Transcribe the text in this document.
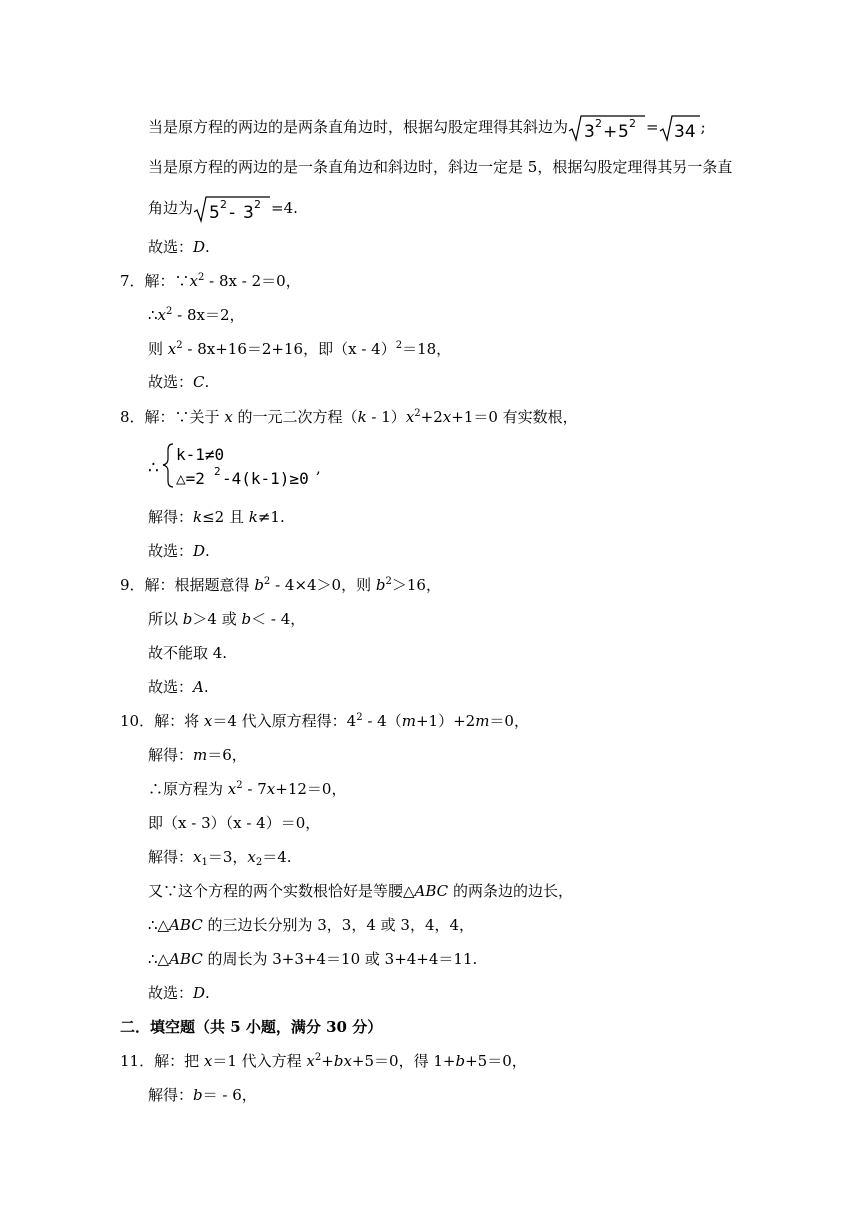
当是原方程的两边的是两条直角边时，根据勾股定理得其斜边为 3 2 + 5 2 = 34 ;
当是原方程的两边的是一条直角边和斜边时，斜边一定是 5，根据勾股定理得其另一条直
角边为 5 2 - 3 2 =4.
故选：D.
7．解：$\because x^2 - 8x - 2=0$，
$\therefore x^2 - 8x=2$，
则 $x^2 - 8x+16=2+16$，即（x - 4）$^2$＝18，
故选：C.
8．解：∵关于 x 的一元二次方程$(k - 1)x^2+2x+1=0$ 有实数根，
∴
k-1≠0
△=2 2 -4(k-1)≥0
,
解得：k≤2 且 k≠1.
故选：D.
9．解：根据题意得 $b^2 - 4\times 4>0$，则 $b^2>16$，
所以 b＞4 或 b＜ - 4，
故不能取 4.
故选：A.
10．解：将 x＝4 代入原方程得：$4^2 - 4(m+1)+2m=0$，
解得：m＝6，
∴原方程为 $x^2 - 7x+12=0$，
即（x - 3）（x - 4）＝0，
解得：$x_1=3$，$x_2=4$.
又∵这个方程的两个实数根恰好是等腰△ABC 的两条边的边长，
∴△ABC 的三边长分别为 3，3，4 或 3，4，4，
∴△ABC 的周长为 3+3+4＝10 或 3+4+4＝11.
故选：D.
二．填空题（共 5 小题，满分 30 分）
11．解：把 x＝1 代入方程 $x^2+bx+5=0$，得 1+b+5＝0，
解得：b＝ - 6，
